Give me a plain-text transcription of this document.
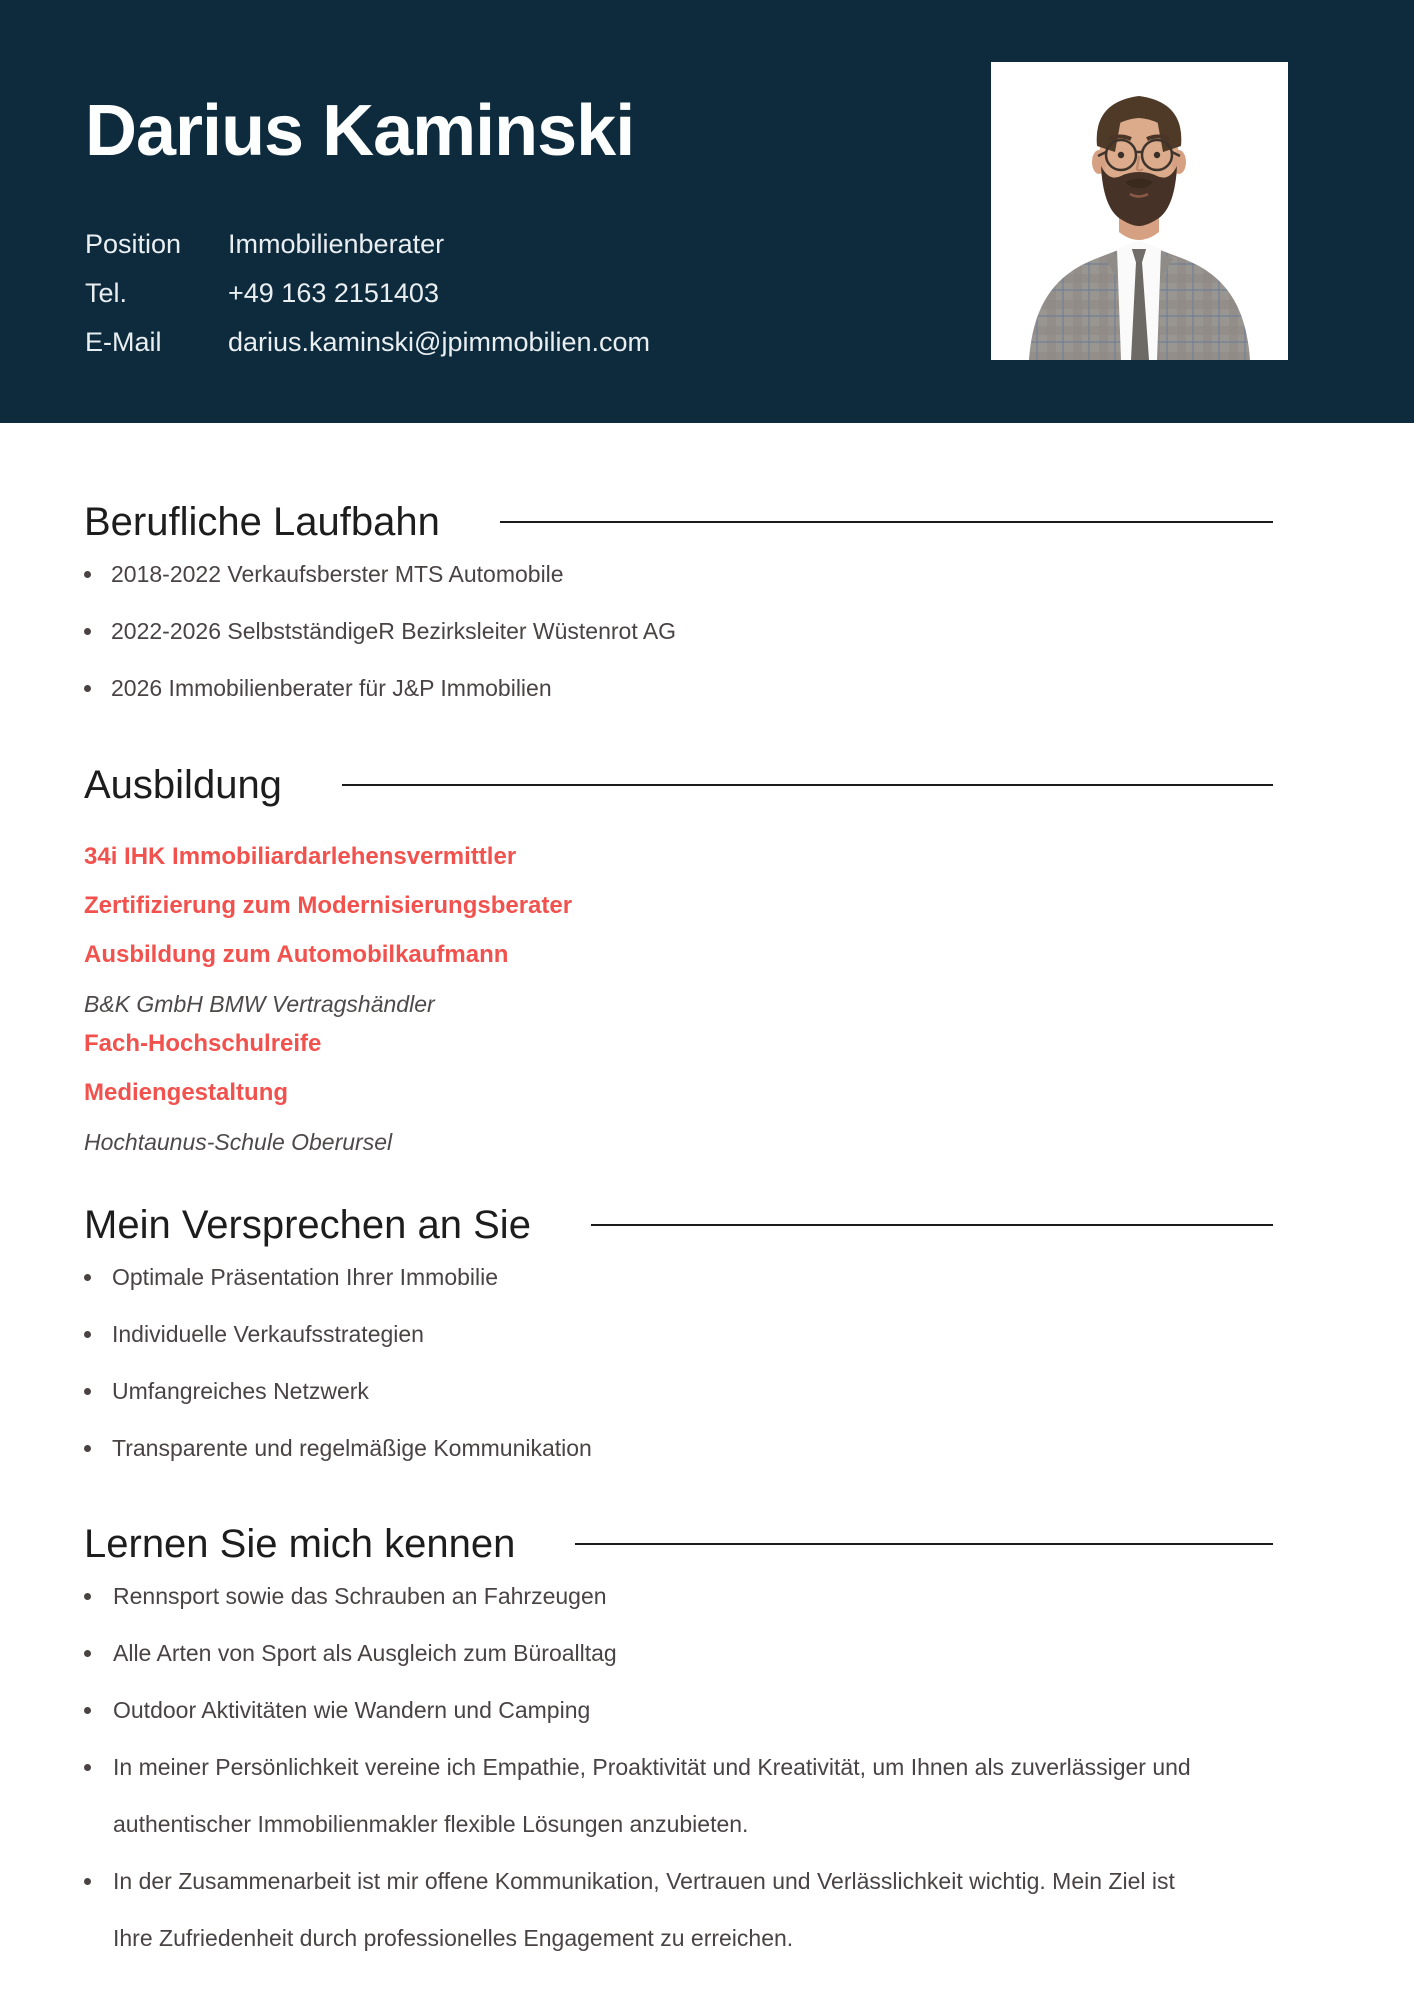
Darius Kaminski
Position	Immobilienberater
Tel.	+49 163 2151403
E-Mail	darius.kaminski@jpimmobilien.com
Berufliche Laufbahn
2018-2022 Verkaufsberster MTS Automobile
2022-2026 SelbstständigeR Bezirksleiter Wüstenrot AG
2026 Immobilienberater für J&P Immobilien
Ausbildung

34i IHK Immobiliardarlehensvermittler

Zertifizierung zum Modernisierungsberater

Ausbildung zum Automobilkaufmann

B&K GmbH BMW Vertragshändler

Fach-Hochschulreife

Mediengestaltung

Hochtaunus-Schule Oberursel

Mein Versprechen an Sie
Optimale Präsentation Ihrer Immobilie
Individuelle Verkaufsstrategien
Umfangreiches Netzwerk
Transparente und regelmäßige Kommunikation
Lernen Sie mich kennen
Rennsport sowie das Schrauben an Fahrzeugen
Alle Arten von Sport als Ausgleich zum Büroalltag
Outdoor Aktivitäten wie Wandern und Camping
In meiner Persönlichkeit vereine ich Empathie, Proaktivität und Kreativität, um Ihnen als zuverlässiger und authentischer Immobilienmakler flexible Lösungen anzubieten.
In der Zusammenarbeit ist mir offene Kommunikation, Vertrauen und Verlässlichkeit wichtig. Mein Ziel ist Ihre Zufriedenheit durch professionelles Engagement zu erreichen.
